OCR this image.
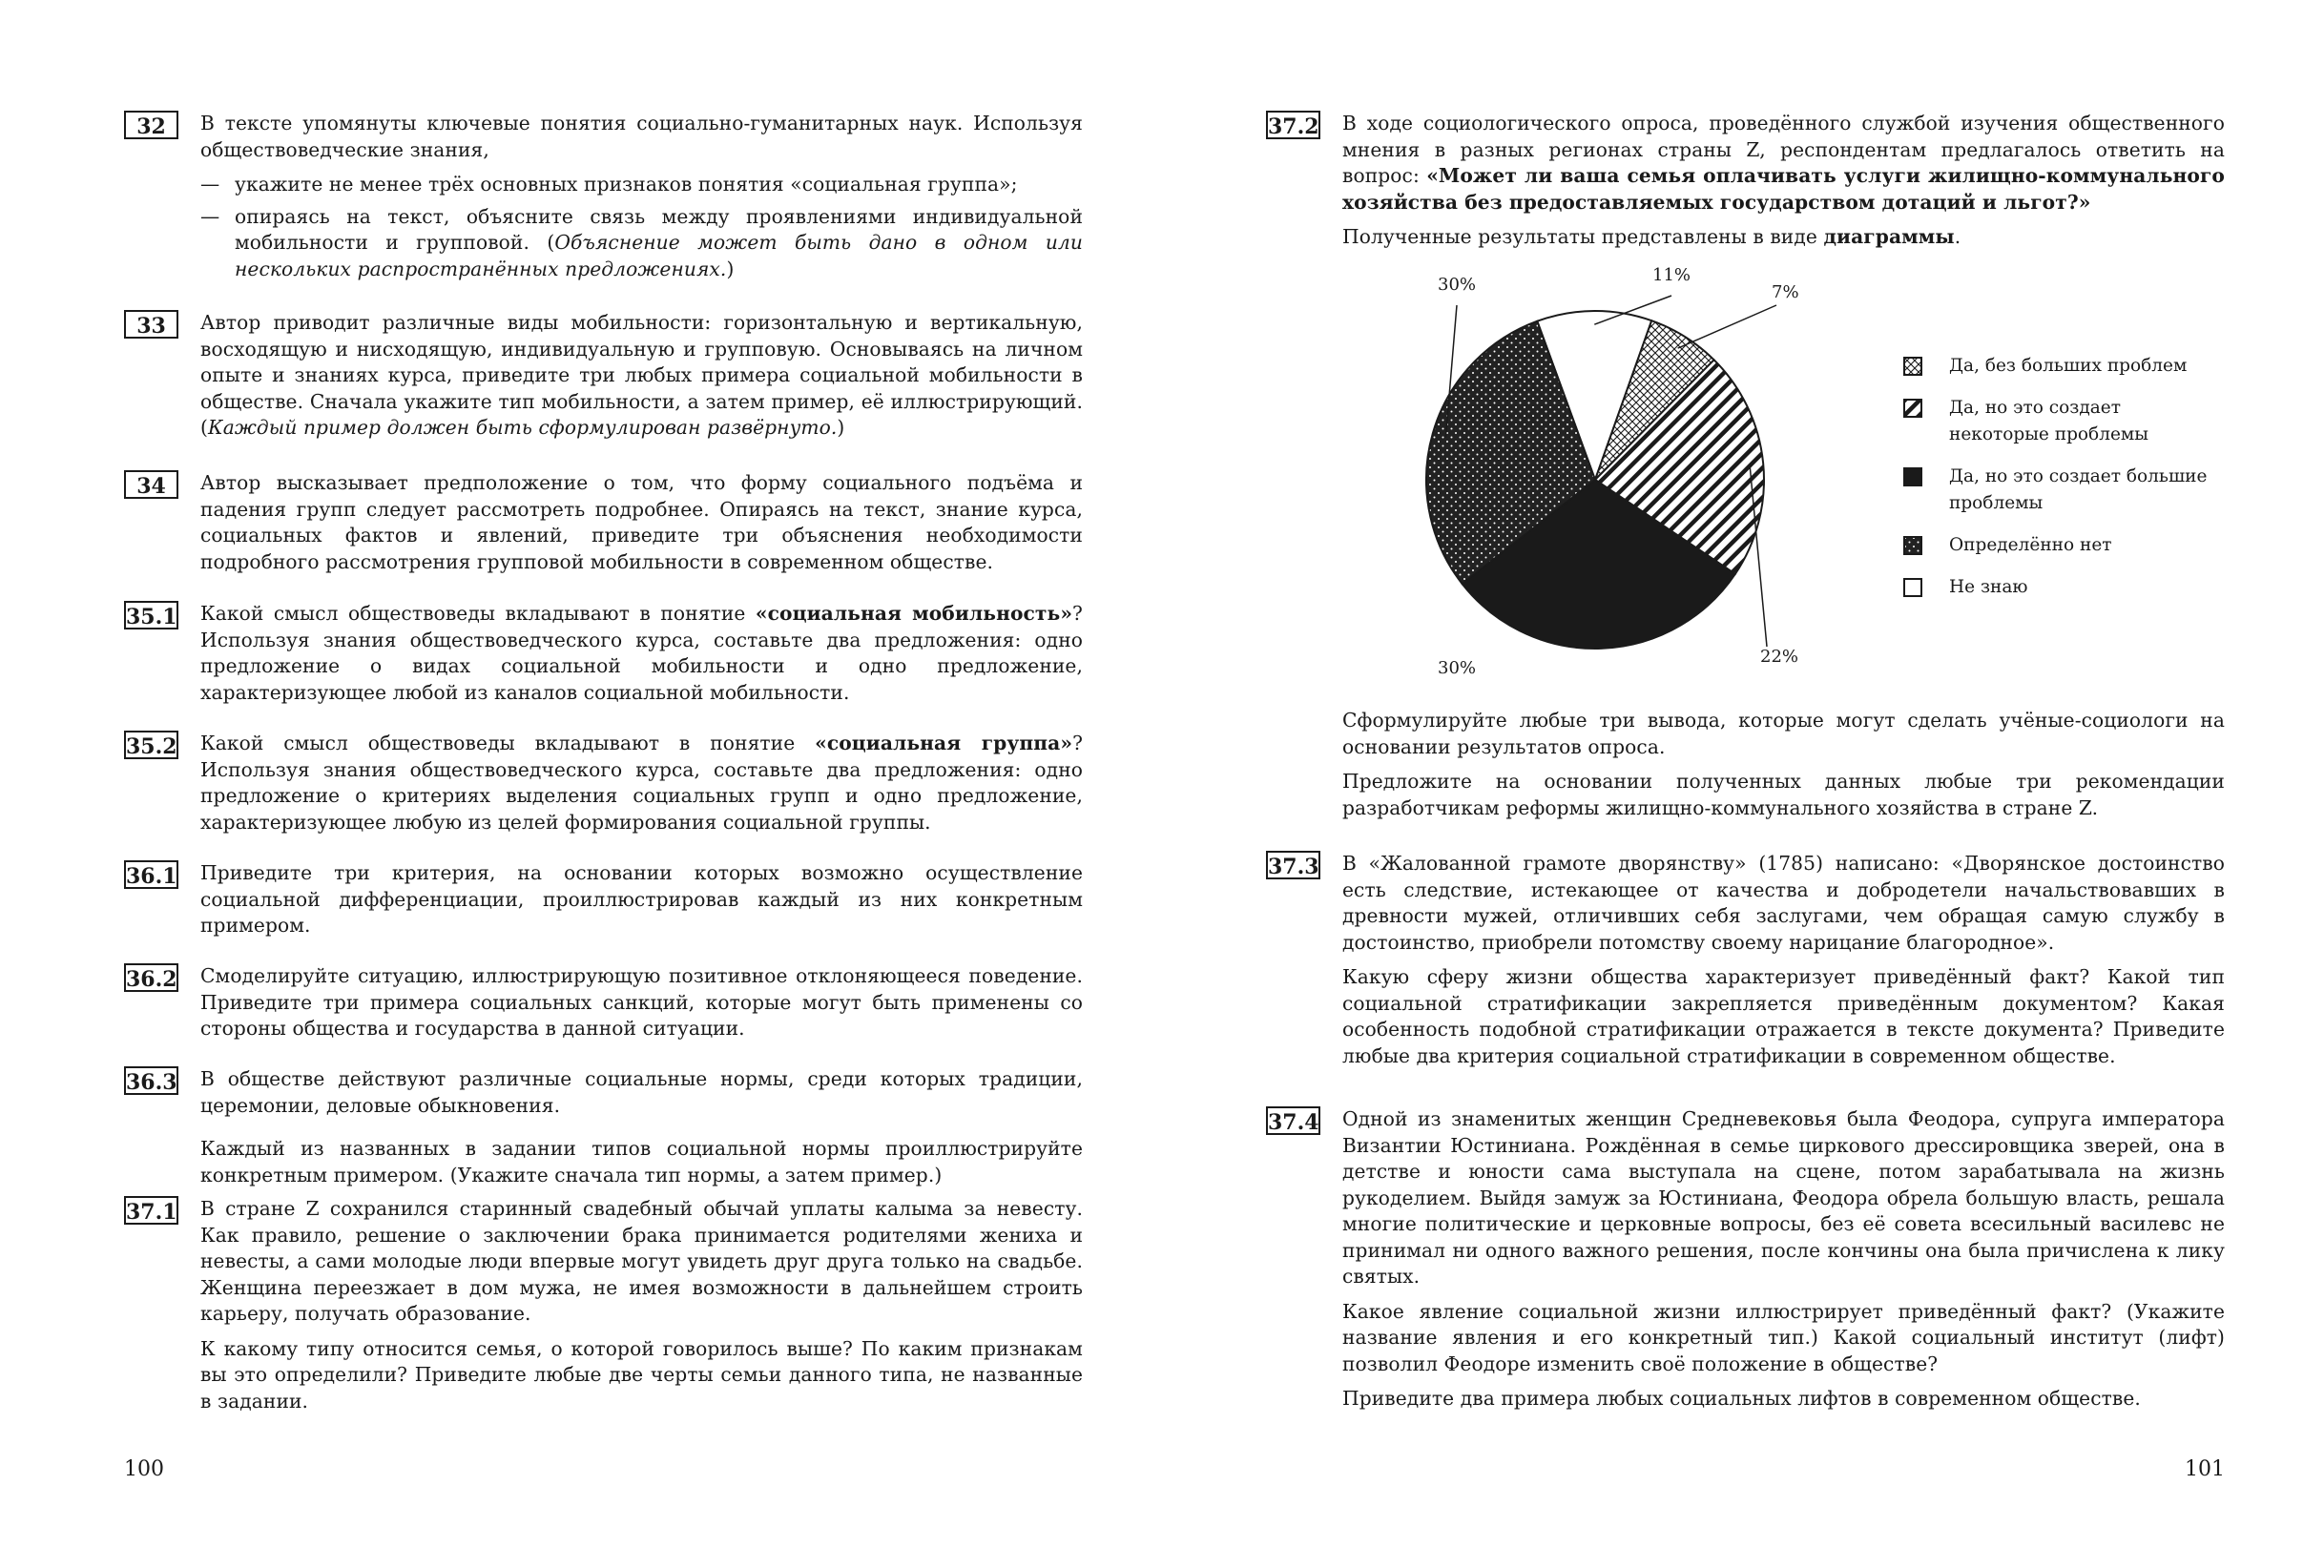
32	В тексте упомянуты ключевые понятия социально-гуманитарных наук. Используя обществоведческие знания,

— укажите не менее трёх основных признаков понятия «социальная группа»;
— опираясь на текст, объясните связь между проявлениями индивидуальной мобильности и групповой. (Объяснение может быть дано в одном или нескольких распространённых предложениях.)
33	Автор приводит различные виды мобильности: горизонтальную и вертикальную, восходящую и нисходящую, индивидуальную и групповую. Основываясь на личном опыте и знаниях курса, приведите три любых примера социальной мобильности в обществе. Сначала укажите тип мобильности, а затем пример, её иллюстрирующий. (Каждый пример должен быть сформулирован развёрнуто.)

34	Автор высказывает предположение о том, что форму социального подъёма и падения групп следует рассмотреть подробнее. Опираясь на текст, знание курса, социальных фактов и явлений, приведите три объяснения необходимости подробного рассмотрения групповой мобильности в современном обществе.

35.1 Какой смысл обществоведы вкладывают в понятие «социальная мобильность»? Используя знания обществоведческого курса, составьте два предложения: одно предложение о видах социальной мобильности и одно предложение, характеризующее любой из каналов социальной мобильности.

35.2 Какой смысл обществоведы вкладывают в понятие «социальная группа»? Используя знания обществоведческого курса, составьте два предложения: одно предложение о критериях выделения социальных групп и одно предложение, характеризующее любую из целей формирования социальной группы.

36.1 Приведите три критерия, на основании которых возможно осуществление социальной дифференциации, проиллюстрировав каждый из них конкретным примером.

36.2 Смоделируйте ситуацию, иллюстрирующую позитивное отклоняющееся поведение. Приведите три примера социальных санкций, которые могут быть применены со стороны общества и государства в данной ситуации.

36.3 В обществе действуют различные социальные нормы, среди которых традиции, церемонии, деловые обыкновения.

Каждый из названных в задании типов социальной нормы проиллюстрируйте конкретным примером. (Укажите сначала тип нормы, а затем пример.)

37.1 В стране Z сохранился старинный свадебный обычай уплаты калыма за невесту. Как правило, решение о заключении брака принимается родителями жениха и невесты, а сами молодые люди впервые могут увидеть друг друга только на свадьбе. Женщина переезжает в дом мужа, не имея возможности в дальнейшем строить карьеру, получать образование.

К какому типу относится семья, о которой говорилось выше? По каким признакам вы это определили? Приведите любые две черты семьи данного типа, не названные в задании.

100
37.2 В ходе социологического опроса, проведённого службой изучения общественного мнения в разных регионах страны Z, респондентам предлагалось ответить на вопрос: «Может ли ваша семья оплачивать услуги жилищно-коммунального хозяйства без предоставляемых государством дотаций и льгот?»

Полученные результаты представлены в виде диаграммы.

11%
7%
22%
30%
30%
Да, без больших проблем
Да, но это создает некоторые проблемы
Да, но это создает большие проблемы
Определённо нет
Не знаю

Сформулируйте любые три вывода, которые могут сделать учёные-социологи на основании результатов опроса.

Предложите на основании полученных данных любые три рекомендации разработчикам реформы жилищно-коммунального хозяйства в стране Z.

37.3 В «Жалованной грамоте дворянству» (1785) написано: «Дворянское достоинство есть следствие, истекающее от качества и добродетели начальствовавших в древности мужей, отличивших себя заслугами, чем обращая самую службу в достоинство, приобрели потомству своему нарицание благородное».

Какую сферу жизни общества характеризует приведённый факт? Какой тип социальной стратификации закрепляется приведённым документом? Какая особенность подобной стратификации отражается в тексте документа? Приведите любые два критерия социальной стратификации в современном обществе.

37.4 Одной из знаменитых женщин Средневековья была Феодора, супруга императора Византии Юстиниана. Рождённая в семье циркового дрессировщика зверей, она в детстве и юности сама выступала на сцене, потом зарабатывала на жизнь рукоделием. Выйдя замуж за Юстиниана, Феодора обрела большую власть, решала многие политические и церковные вопросы, без её совета всесильный василевс не принимал ни одного важного решения, после кончины она была причислена к лику святых.

Какое явление социальной жизни иллюстрирует приведённый факт? (Укажите название явления и его конкретный тип.) Какой социальный институт (лифт) позволил Феодоре изменить своё положение в обществе?

Приведите два примера любых социальных лифтов в современном обществе.

101
